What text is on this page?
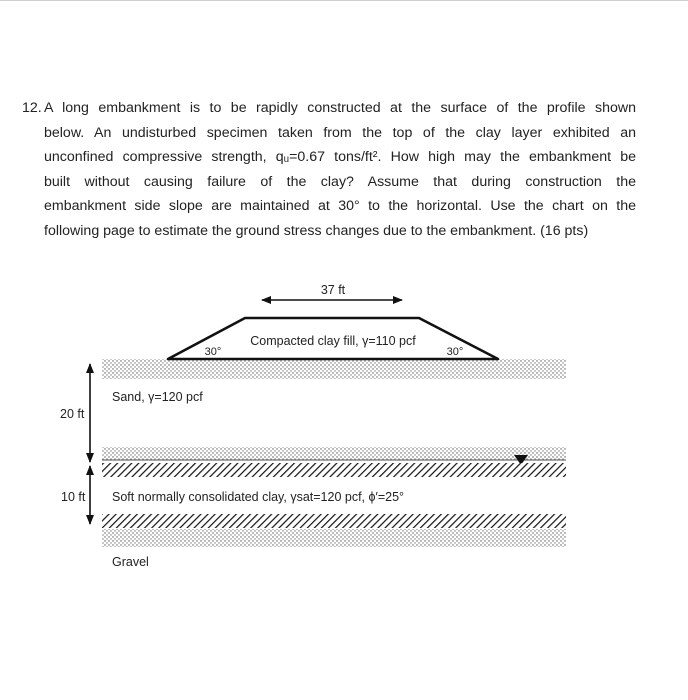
12. A long embankment is to be rapidly constructed at the surface of the profile shown
below. An undisturbed specimen taken from the top of the clay layer exhibited an
unconfined compressive strength, qᵤ=0.67 tons/ft². How high may the embankment be
built without causing failure of the clay? Assume that during construction the
embankment side slope are maintained at 30° to the horizontal. Use the chart on the
following page to estimate the ground stress changes due to the embankment. (16 pts)
37 ft
Compacted clay fill, γ=110 pcf
30°	30°
Sand, γ=120 pcf
20 ft
10 ft Soft normally consolidated clay, γsat=120 pcf, ϕ′=25°
Gravel
